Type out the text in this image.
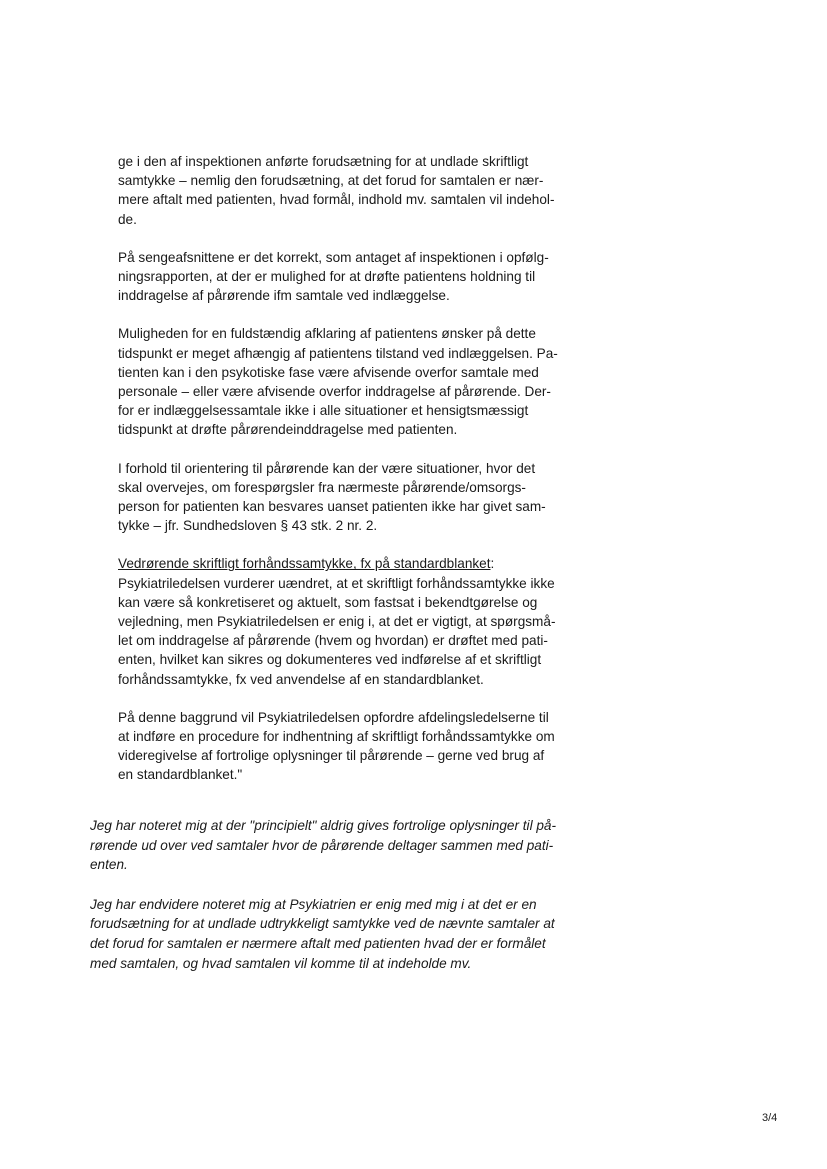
ge i den af inspektionen anførte forudsætning for at undlade skriftligt
samtykke – nemlig den forudsætning, at det forud for samtalen er nær-
mere aftalt med patienten, hvad formål, indhold mv. samtalen vil indehol-
de.

På sengeafsnittene er det korrekt, som antaget af inspektionen i opfølg-
ningsrapporten, at der er mulighed for at drøfte patientens holdning til
inddragelse af pårørende ifm samtale ved indlæggelse.

Muligheden for en fuldstændig afklaring af patientens ønsker på dette
tidspunkt er meget afhængig af patientens tilstand ved indlæggelsen. Pa-
tienten kan i den psykotiske fase være afvisende overfor samtale med
personale – eller være afvisende overfor inddragelse af pårørende. Der-
for er indlæggelsessamtale ikke i alle situationer et hensigtsmæssigt
tidspunkt at drøfte pårørendeinddragelse med patienten.

I forhold til orientering til pårørende kan der være situationer, hvor det
skal overvejes, om forespørgsler fra nærmeste pårørende/omsorgs-
person for patienten kan besvares uanset patienten ikke har givet sam-
tykke – jfr. Sundhedsloven § 43 stk. 2 nr. 2.

Vedrørende skriftligt forhåndssamtykke, fx på standardblanket:
Psykiatriledelsen vurderer uændret, at et skriftligt forhåndssamtykke ikke
kan være så konkretiseret og aktuelt, som fastsat i bekendtgørelse og
vejledning, men Psykiatriledelsen er enig i, at det er vigtigt, at spørgsmå-
let om inddragelse af pårørende (hvem og hvordan) er drøftet med pati-
enten, hvilket kan sikres og dokumenteres ved indførelse af et skriftligt
forhåndssamtykke, fx ved anvendelse af en standardblanket.

På denne baggrund vil Psykiatriledelsen opfordre afdelingsledelserne til
at indføre en procedure for indhentning af skriftligt forhåndssamtykke om
videregivelse af fortrolige oplysninger til pårørende – gerne ved brug af
en standardblanket."

Jeg har noteret mig at der "principielt" aldrig gives fortrolige oplysninger til på-
rørende ud over ved samtaler hvor de pårørende deltager sammen med pati-
enten.

Jeg har endvidere noteret mig at Psykiatrien er enig med mig i at det er en
forudsætning for at undlade udtrykkeligt samtykke ved de nævnte samtaler at
det forud for samtalen er nærmere aftalt med patienten hvad der er formålet
med samtalen, og hvad samtalen vil komme til at indeholde mv.

3/4
